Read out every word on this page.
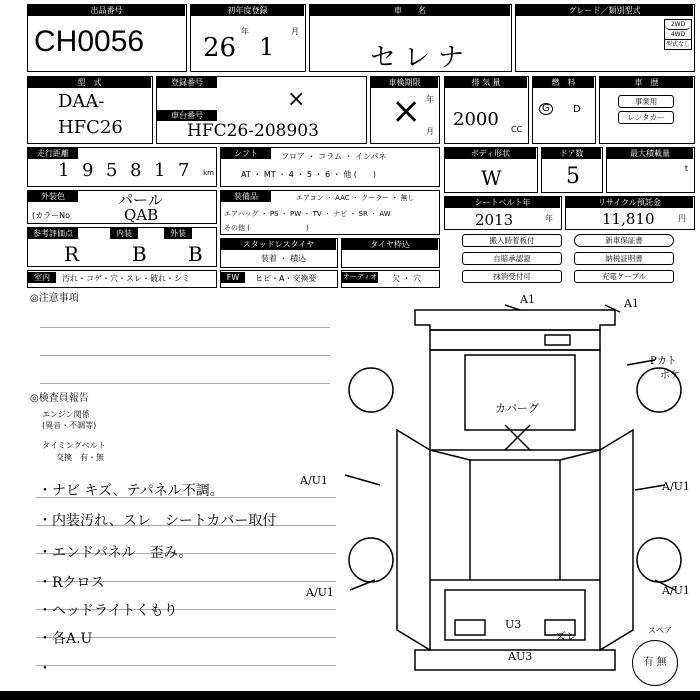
出品番号
CH0056
初年度登録
26
年
1
月
車　　名
セレナ
グレード／類別型式
2WD
4WD
型式なし
型　式
DAA-
HFC26
登録番号
×
車台番号
HFC26-208903
車検期限
年
月
×
排 気 量
2000 CC
燃　料
G	D
車　歴
事業用
レンタカー
走行距離
1 9 5 8 1 7	km
シフト	フロア ・ コラム ・ インパネ
AT ・ MT ・ 4 ・ 5 ・ 6 ・ 他 (　　)
ボディ形状
W
ドア数
5
最大積載量
t
外装色	パール
(カラーNo	QAB
装備品	エアコン ・ AAC ・ クーラー ・ 無し
エアバッグ ・ PS ・ PW ・ TV ・ ナビ ・ SR ・ AW
その他 (　　　　　　　　)
シートベルト年
2013	年
リサイクル預託金
11,810	円
参考評価点
R
内装
B
外装
B	スタッドレスタイヤ
装着 ・ 積込
タイヤ枠込	搬入時着板付	新車保証書
自賠承認證	納税証明書
抹消受付可	充電ケーブル
室内	汚れ・コゲ・穴・スレ・破れ・シミ	FW	ヒビ・A・交換要	オーディオ 欠 ・ 穴
◎注意事項
◎検査員報告
エンジン関係
(異音・不調等)
タイミングベルト
交換　有・無
・ナビ キズ、テパネル不調。
・内装汚れ、スレ　シートカバー取付
・エンドパネル　歪み。
・Rクロス
・ヘッドライトくもり
・各A.U
・
A1	A1
Pカト
ボケ
カバーグ
A/U1	A/U1
A/U1	A/U1
U3
ズレ
AU3
スペア
有 無
